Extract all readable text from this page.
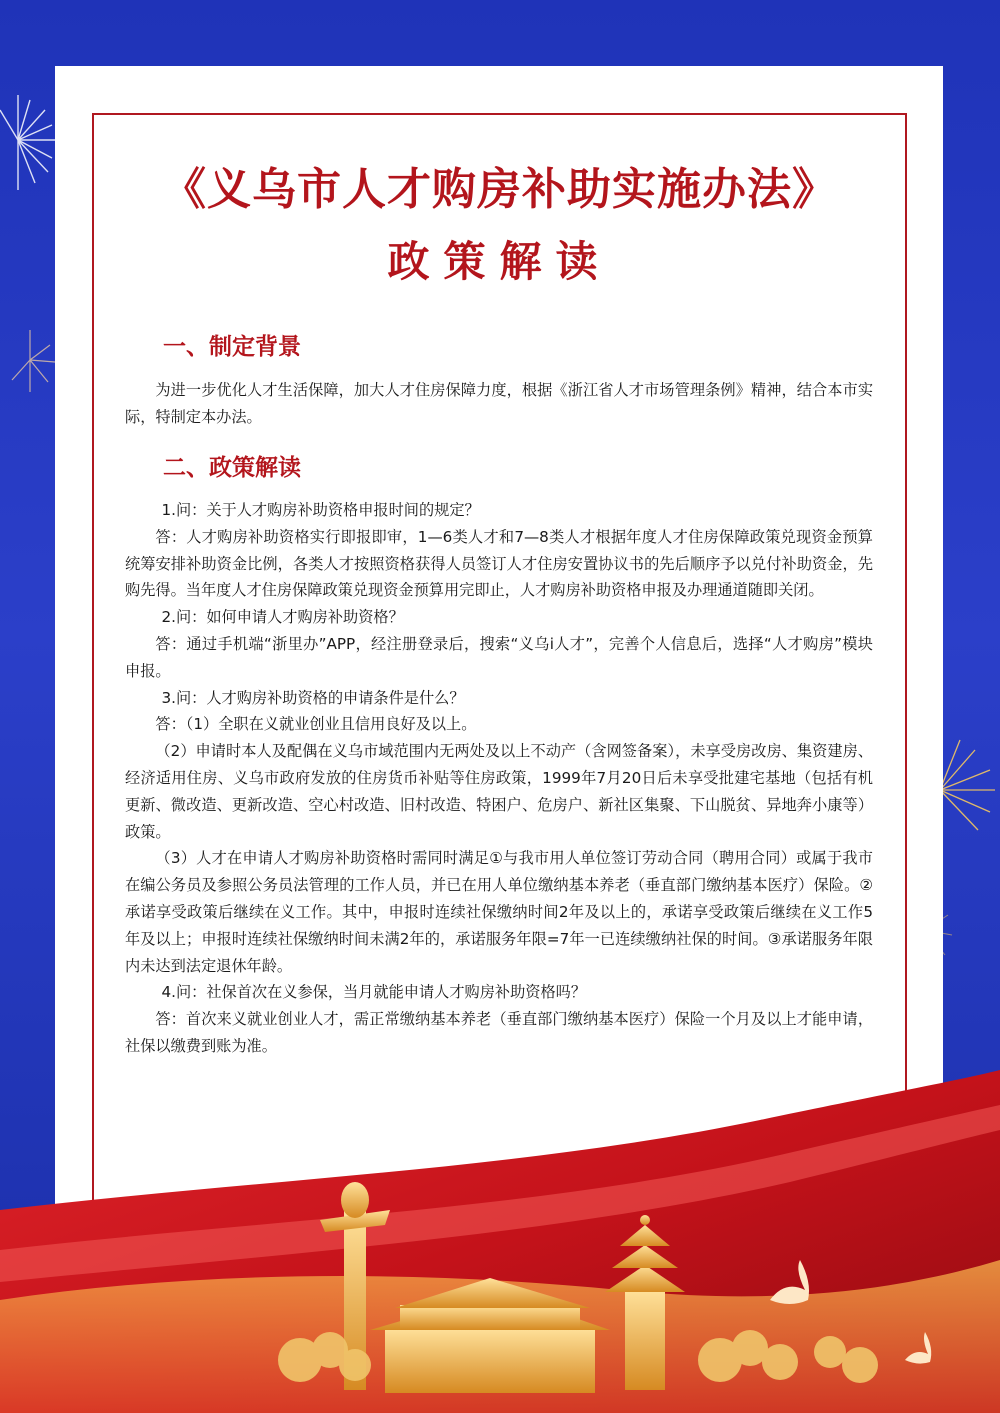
《义乌市人才购房补助实施办法》
政策解读
一、制定背景

为进一步优化人才生活保障，加大人才住房保障力度，根据《浙江省人才市场管理条例》精神，结合本市实际，特制定本办法。

二、政策解读

1.问：关于人才购房补助资格申报时间的规定？

答：人才购房补助资格实行即报即审，1—6类人才和7—8类人才根据年度人才住房保障政策兑现资金预算统筹安排补助资金比例，各类人才按照资格获得人员签订人才住房安置协议书的先后顺序予以兑付补助资金，先购先得。当年度人才住房保障政策兑现资金预算用完即止，人才购房补助资格申报及办理通道随即关闭。

2.问：如何申请人才购房补助资格？

答：通过手机端“浙里办”APP，经注册登录后，搜索“义乌i人才”，完善个人信息后，选择“人才购房”模块申报。

3.问：人才购房补助资格的申请条件是什么？

答：（1）全职在义就业创业且信用良好及以上。

（2）申请时本人及配偶在义乌市域范围内无两处及以上不动产（含网签备案），未享受房改房、集资建房、经济适用住房、义乌市政府发放的住房货币补贴等住房政策，1999年7月20日后未享受批建宅基地（包括有机更新、微改造、更新改造、空心村改造、旧村改造、特困户、危房户、新社区集聚、下山脱贫、异地奔小康等）政策。

（3）人才在申请人才购房补助资格时需同时满足①与我市用人单位签订劳动合同（聘用合同）或属于我市在编公务员及参照公务员法管理的工作人员，并已在用人单位缴纳基本养老（垂直部门缴纳基本医疗）保险。②承诺享受政策后继续在义工作。其中，申报时连续社保缴纳时间2年及以上的，承诺享受政策后继续在义工作5年及以上；申报时连续社保缴纳时间未满2年的，承诺服务年限=7年一已连续缴纳社保的时间。③承诺服务年限内未达到法定退休年龄。

4.问：社保首次在义参保，当月就能申请人才购房补助资格吗？

答：首次来义就业创业人才，需正常缴纳基本养老（垂直部门缴纳基本医疗）保险一个月及以上才能申请，社保以缴费到账为准。
